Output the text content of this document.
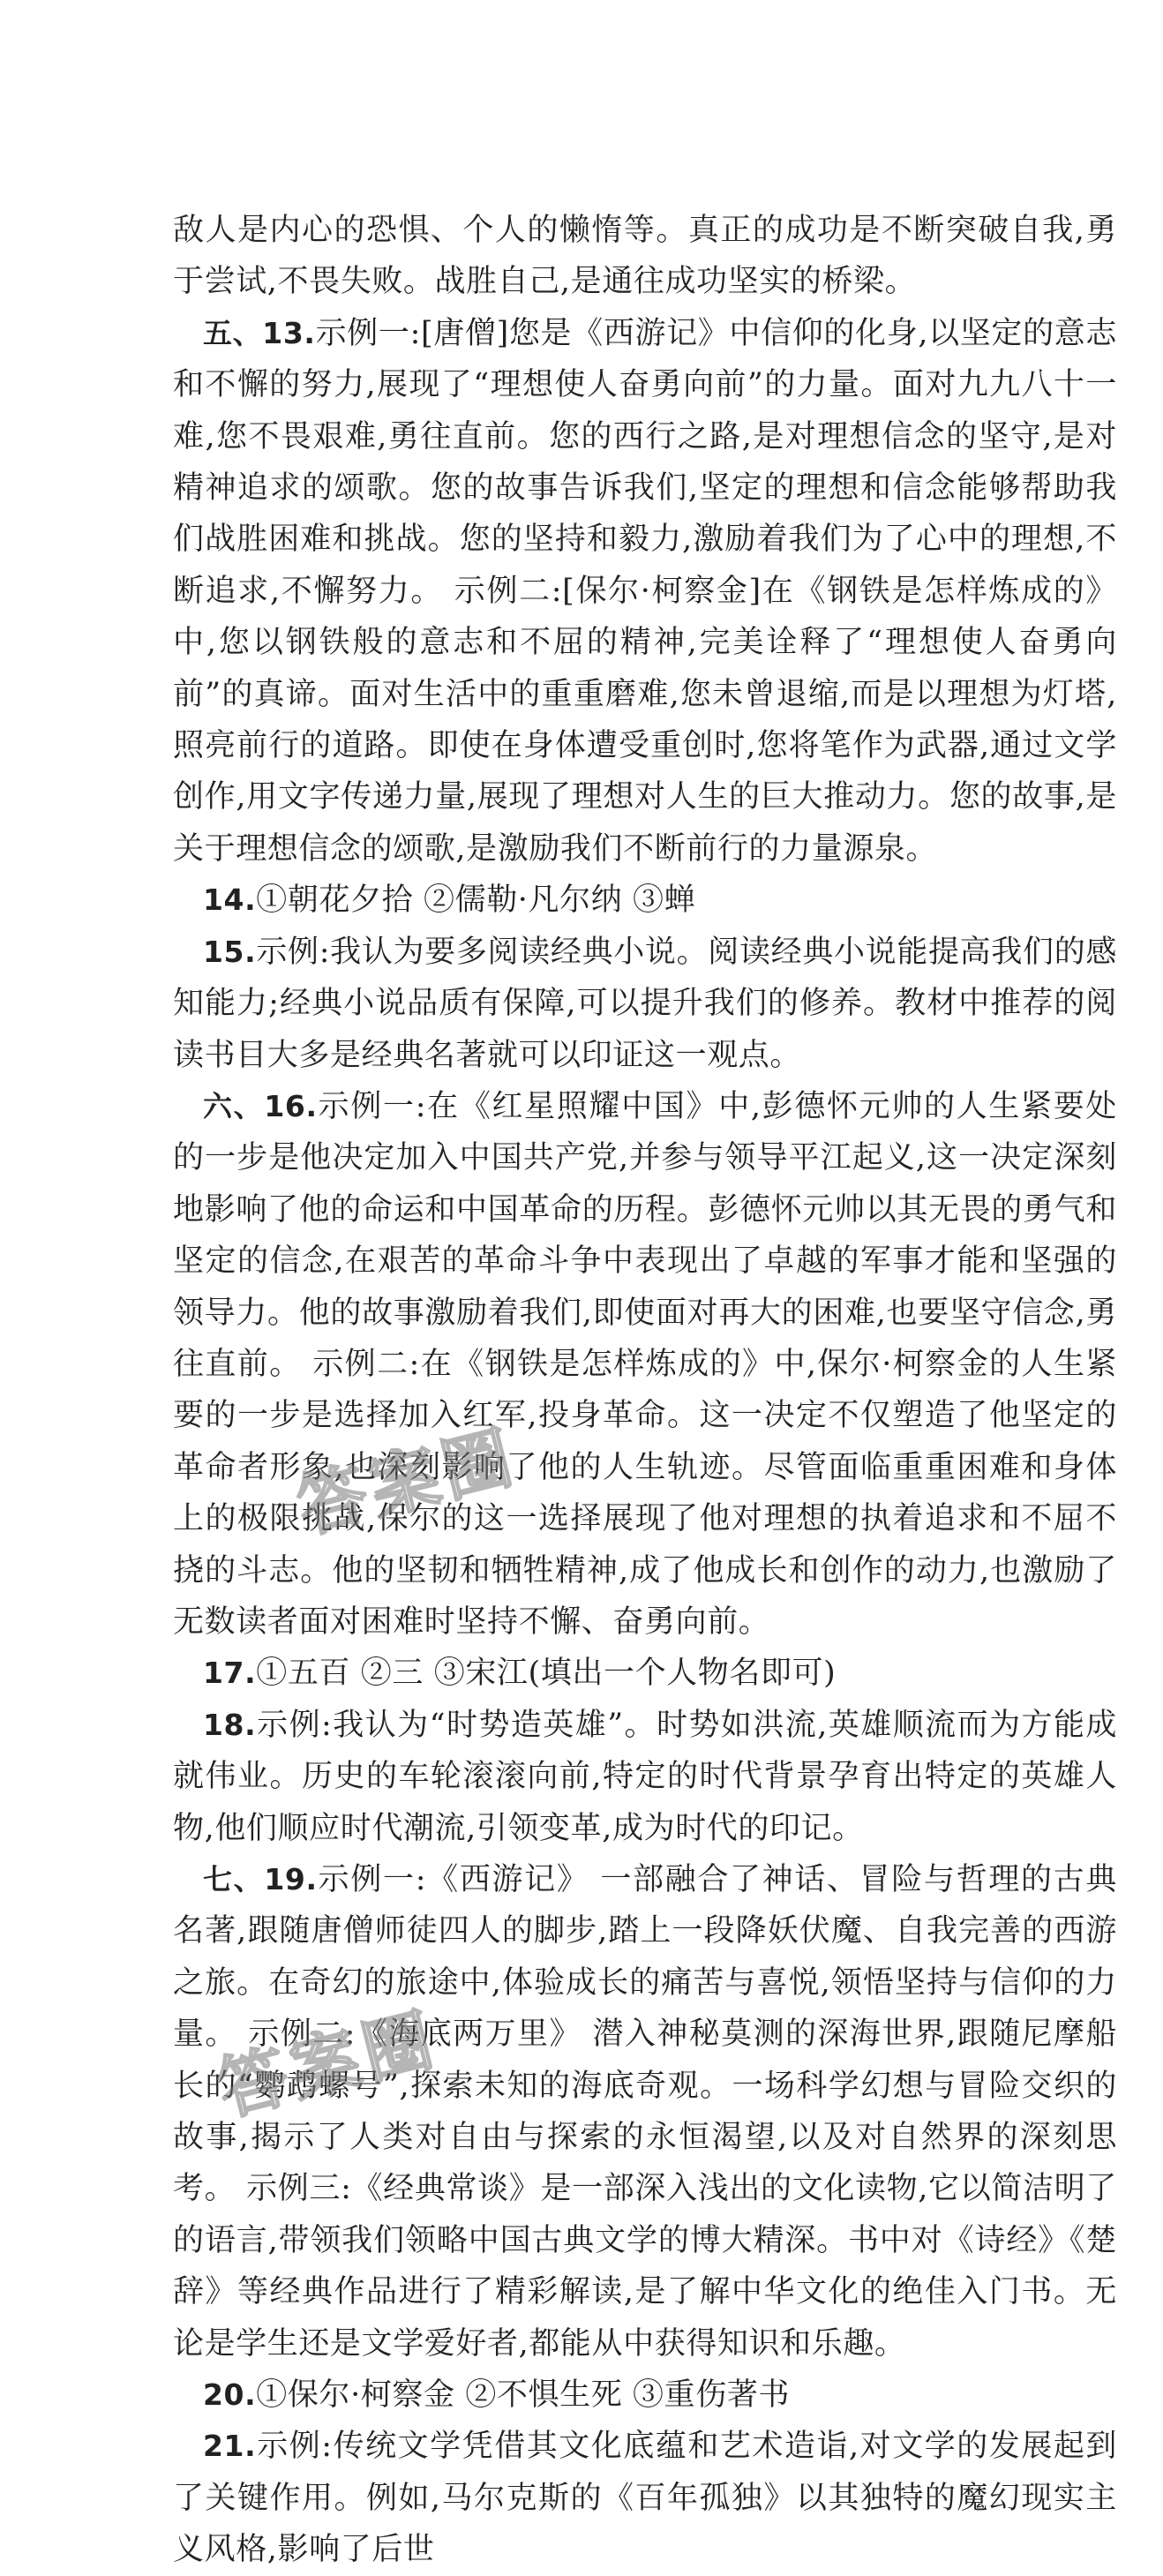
敌人是内心的恐惧、个人的懒惰等。真正的成功是不断突破自我,勇于尝试,不畏失败。战胜自己,是通往成功坚实的桥梁。

五、13.示例一:[唐僧]您是《西游记》中信仰的化身,以坚定的意志和不懈的努力,展现了“理想使人奋勇向前”的力量。面对九九八十一难,您不畏艰难,勇往直前。您的西行之路,是对理想信念的坚守,是对精神追求的颂歌。您的故事告诉我们,坚定的理想和信念能够帮助我们战胜困难和挑战。您的坚持和毅力,激励着我们为了心中的理想,不断追求,不懈努力。 示例二:[保尔·柯察金]在《钢铁是怎样炼成的》中,您以钢铁般的意志和不屈的精神,完美诠释了“理想使人奋勇向前”的真谛。面对生活中的重重磨难,您未曾退缩,而是以理想为灯塔,照亮前行的道路。即使在身体遭受重创时,您将笔作为武器,通过文学创作,用文字传递力量,展现了理想对人生的巨大推动力。您的故事,是关于理想信念的颂歌,是激励我们不断前行的力量源泉。

14.①朝花夕拾 ②儒勒·凡尔纳 ③蝉

15.示例:我认为要多阅读经典小说。阅读经典小说能提高我们的感知能力;经典小说品质有保障,可以提升我们的修养。教材中推荐的阅读书目大多是经典名著就可以印证这一观点。

六、16.示例一:在《红星照耀中国》中,彭德怀元帅的人生紧要处的一步是他决定加入中国共产党,并参与领导平江起义,这一决定深刻地影响了他的命运和中国革命的历程。彭德怀元帅以其无畏的勇气和坚定的信念,在艰苦的革命斗争中表现出了卓越的军事才能和坚强的领导力。他的故事激励着我们,即使面对再大的困难,也要坚守信念,勇往直前。 示例二:在《钢铁是怎样炼成的》中,保尔·柯察金的人生紧要的一步是选择加入红军,投身革命。这一决定不仅塑造了他坚定的革命者形象,也深刻影响了他的人生轨迹。尽管面临重重困难和身体上的极限挑战,保尔的这一选择展现了他对理想的执着追求和不屈不挠的斗志。他的坚韧和牺牲精神,成了他成长和创作的动力,也激励了无数读者面对困难时坚持不懈、奋勇向前。

17.①五百 ②三 ③宋江(填出一个人物名即可)

18.示例:我认为“时势造英雄”。时势如洪流,英雄顺流而为方能成就伟业。历史的车轮滚滚向前,特定的时代背景孕育出特定的英雄人物,他们顺应时代潮流,引领变革,成为时代的印记。

七、19.示例一:《西游记》 一部融合了神话、冒险与哲理的古典名著,跟随唐僧师徒四人的脚步,踏上一段降妖伏魔、自我完善的西游之旅。在奇幻的旅途中,体验成长的痛苦与喜悦,领悟坚持与信仰的力量。 示例二:《海底两万里》 潜入神秘莫测的深海世界,跟随尼摩船长的“鹦鹉螺号”,探索未知的海底奇观。一场科学幻想与冒险交织的故事,揭示了人类对自由与探索的永恒渴望,以及对自然界的深刻思考。 示例三:《经典常谈》是一部深入浅出的文化读物,它以简洁明了的语言,带领我们领略中国古典文学的博大精深。书中对《诗经》《楚辞》等经典作品进行了精彩解读,是了解中华文化的绝佳入门书。无论是学生还是文学爱好者,都能从中获得知识和乐趣。

20.①保尔·柯察金 ②不惧生死 ③重伤著书

21.示例:传统文学凭借其文化底蕴和艺术造诣,对文学的发展起到了关键作用。例如,马尔克斯的《百年孤独》以其独特的魔幻现实主义风格,影响了后世

答案圈
答案圈
